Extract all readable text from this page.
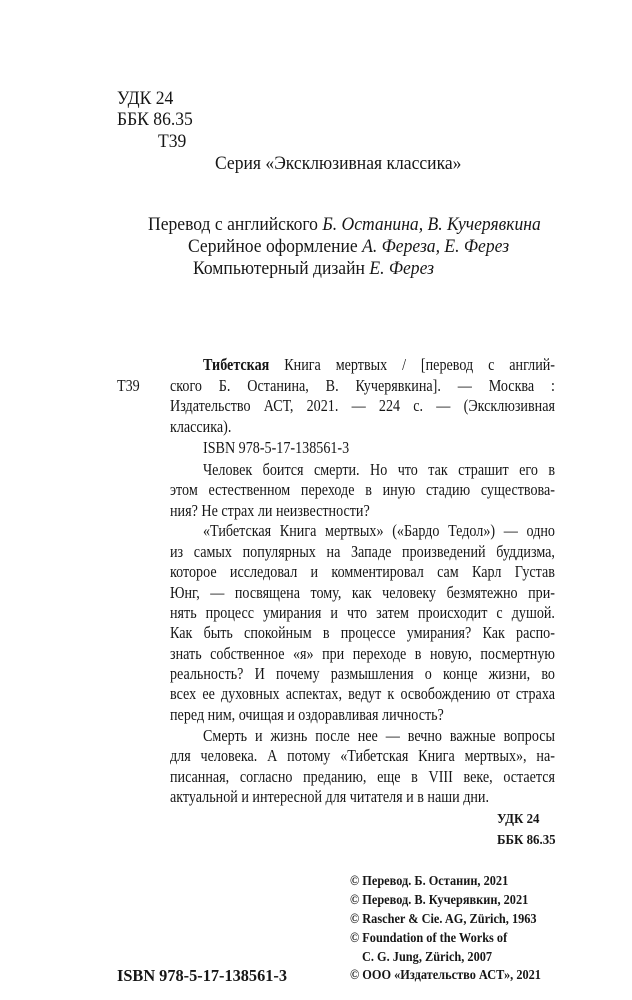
УДК 24
ББК 86.35
Т39
Серия «Эксклюзивная классика»
Перевод с английского Б. Останина, В. Кучерявкина
Серийное оформление А. Фереза, Е. Ферез
Компьютерный дизайн Е. Ферез
Т39
Тибетская Книга мертвых / [перевод с англий-
ского Б. Останина, В. Кучерявкина]. — Москва :
Издательство АСТ, 2021. — 224 с. — (Эксклюзивная
классика).
ISBN 978-5-17-138561-3
Человек боится смерти. Но что так страшит его в
этом естественном переходе в иную стадию существова-
ния? Не страх ли неизвестности?
«Тибетская Книга мертвых» («Бардо Тедол») — одно
из самых популярных на Западе произведений буддизма,
которое исследовал и комментировал сам Карл Густав
Юнг, — посвящена тому, как человеку безмятежно при-
нять процесс умирания и что затем происходит с душой.
Как быть спокойным в процессе умирания? Как распо-
знать собственное «я» при переходе в новую, посмертную
реальность? И почему размышления о конце жизни, во
всех ее духовных аспектах, ведут к освобождению от страха
перед ним, очищая и оздоравливая личность?
Смерть и жизнь после нее — вечно важные вопросы
для человека. А потому «Тибетская Книга мертвых», на-
писанная, согласно преданию, еще в VIII веке, остается
актуальной и интересной для читателя и в наши дни.
УДК 24
ББК 86.35
© Перевод. Б. Останин, 2021
© Перевод. В. Кучерявкин, 2021
© Rascher & Cie. AG, Zürich, 1963
© Foundation of the Works of
C. G. Jung, Zürich, 2007
© ООО «Издательство АСТ», 2021
ISBN 978-5-17-138561-3
